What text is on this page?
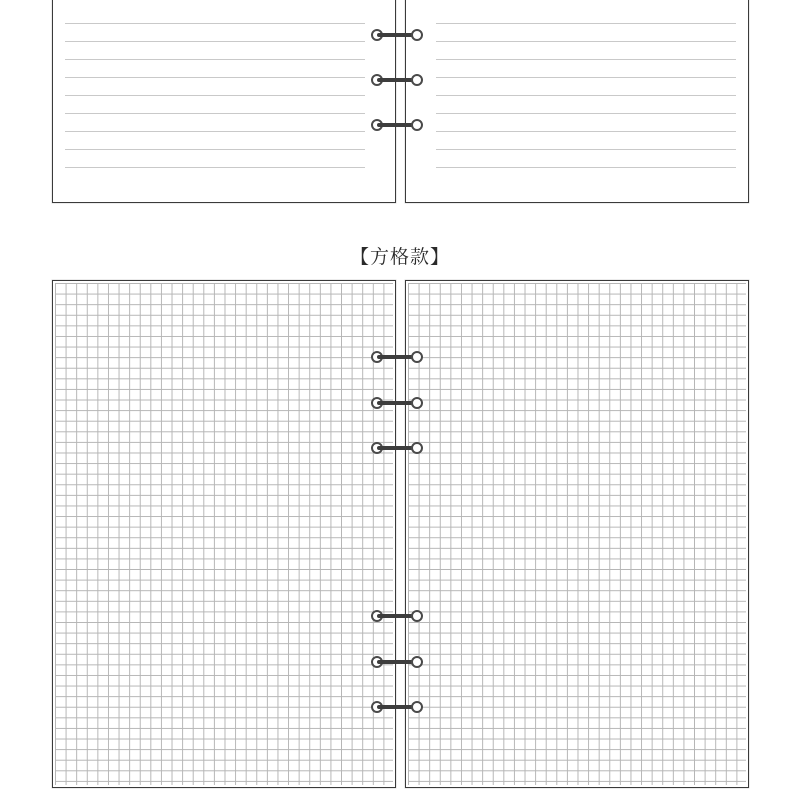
【方格款】
